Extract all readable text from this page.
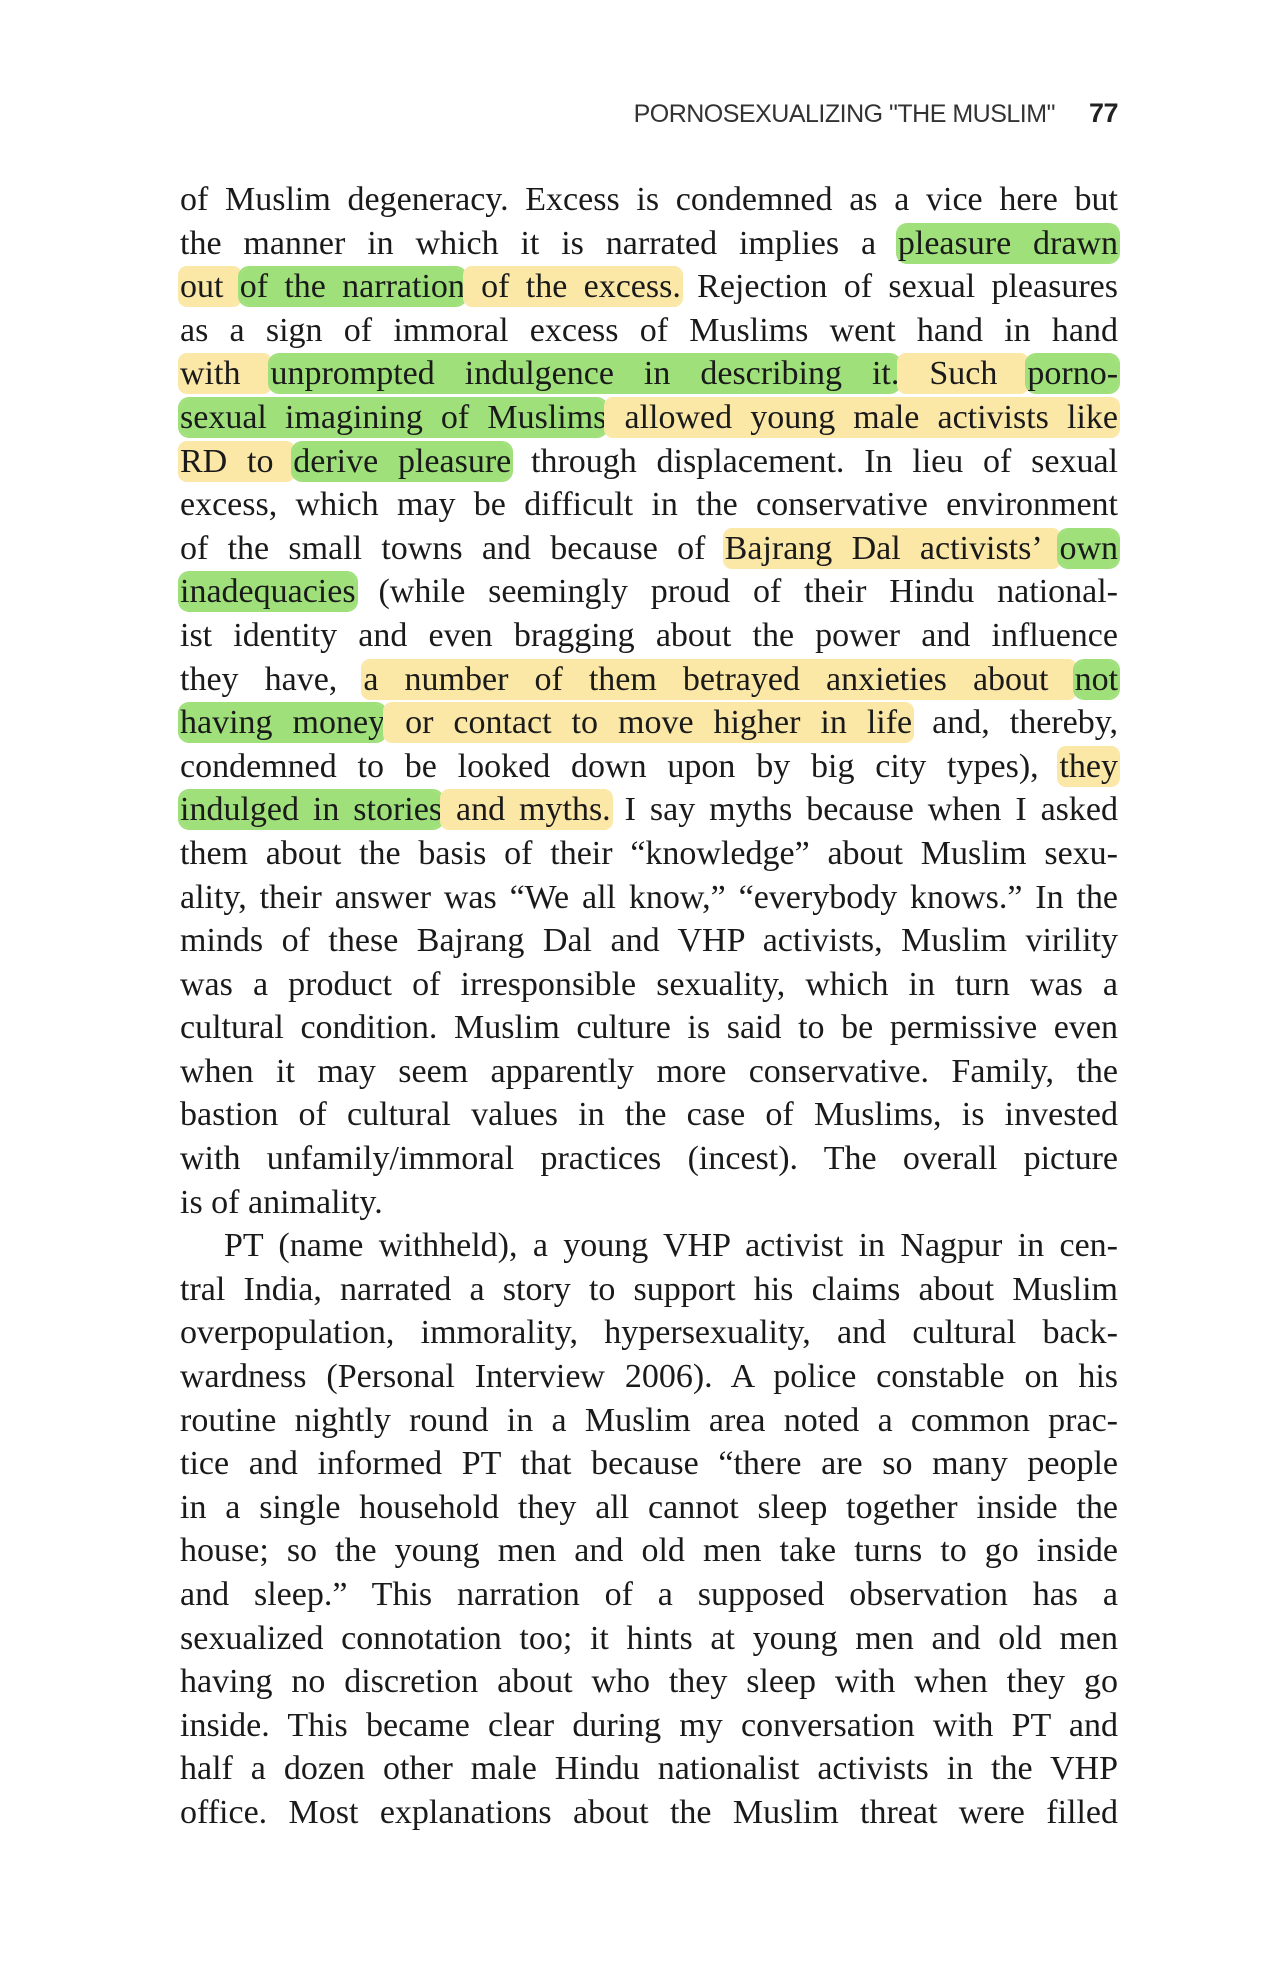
PORNOSEXUALIZING "THE MUSLIM" 77
of Muslim degeneracy. Excess is condemned as a vice here but
the manner in which it is narrated implies a pleasure drawn
out of the narration of the excess. Rejection of sexual pleasures
as a sign of immoral excess of Muslims went hand in hand
with unprompted indulgence in describing it. Such porno-
sexual imagining of Muslims allowed young male activists like
RD to derive pleasure through displacement. In lieu of sexual
excess, which may be difficult in the conservative environment
of the small towns and because of Bajrang Dal activists’ own
inadequacies (while seemingly proud of their Hindu national-
ist identity and even bragging about the power and influence
they have, a number of them betrayed anxieties about not
having money or contact to move higher in life and, thereby,
condemned to be looked down upon by big city types), they
indulged in stories and myths. I say myths because when I asked
them about the basis of their “knowledge” about Muslim sexu-
ality, their answer was “We all know,” “everybody knows.” In the
minds of these Bajrang Dal and VHP activists, Muslim virility
was a product of irresponsible sexuality, which in turn was a
cultural condition. Muslim culture is said to be permissive even
when it may seem apparently more conservative. Family, the
bastion of cultural values in the case of Muslims, is invested
with unfamily/immoral practices (incest). The overall picture
is of animality.
PT (name withheld), a young VHP activist in Nagpur in cen-
tral India, narrated a story to support his claims about Muslim
overpopulation, immorality, hypersexuality, and cultural back-
wardness (Personal Interview 2006). A police constable on his
routine nightly round in a Muslim area noted a common prac-
tice and informed PT that because “there are so many people
in a single household they all cannot sleep together inside the
house; so the young men and old men take turns to go inside
and sleep.” This narration of a supposed observation has a
sexualized connotation too; it hints at young men and old men
having no discretion about who they sleep with when they go
inside. This became clear during my conversation with PT and
half a dozen other male Hindu nationalist activists in the VHP
office. Most explanations about the Muslim threat were filled
